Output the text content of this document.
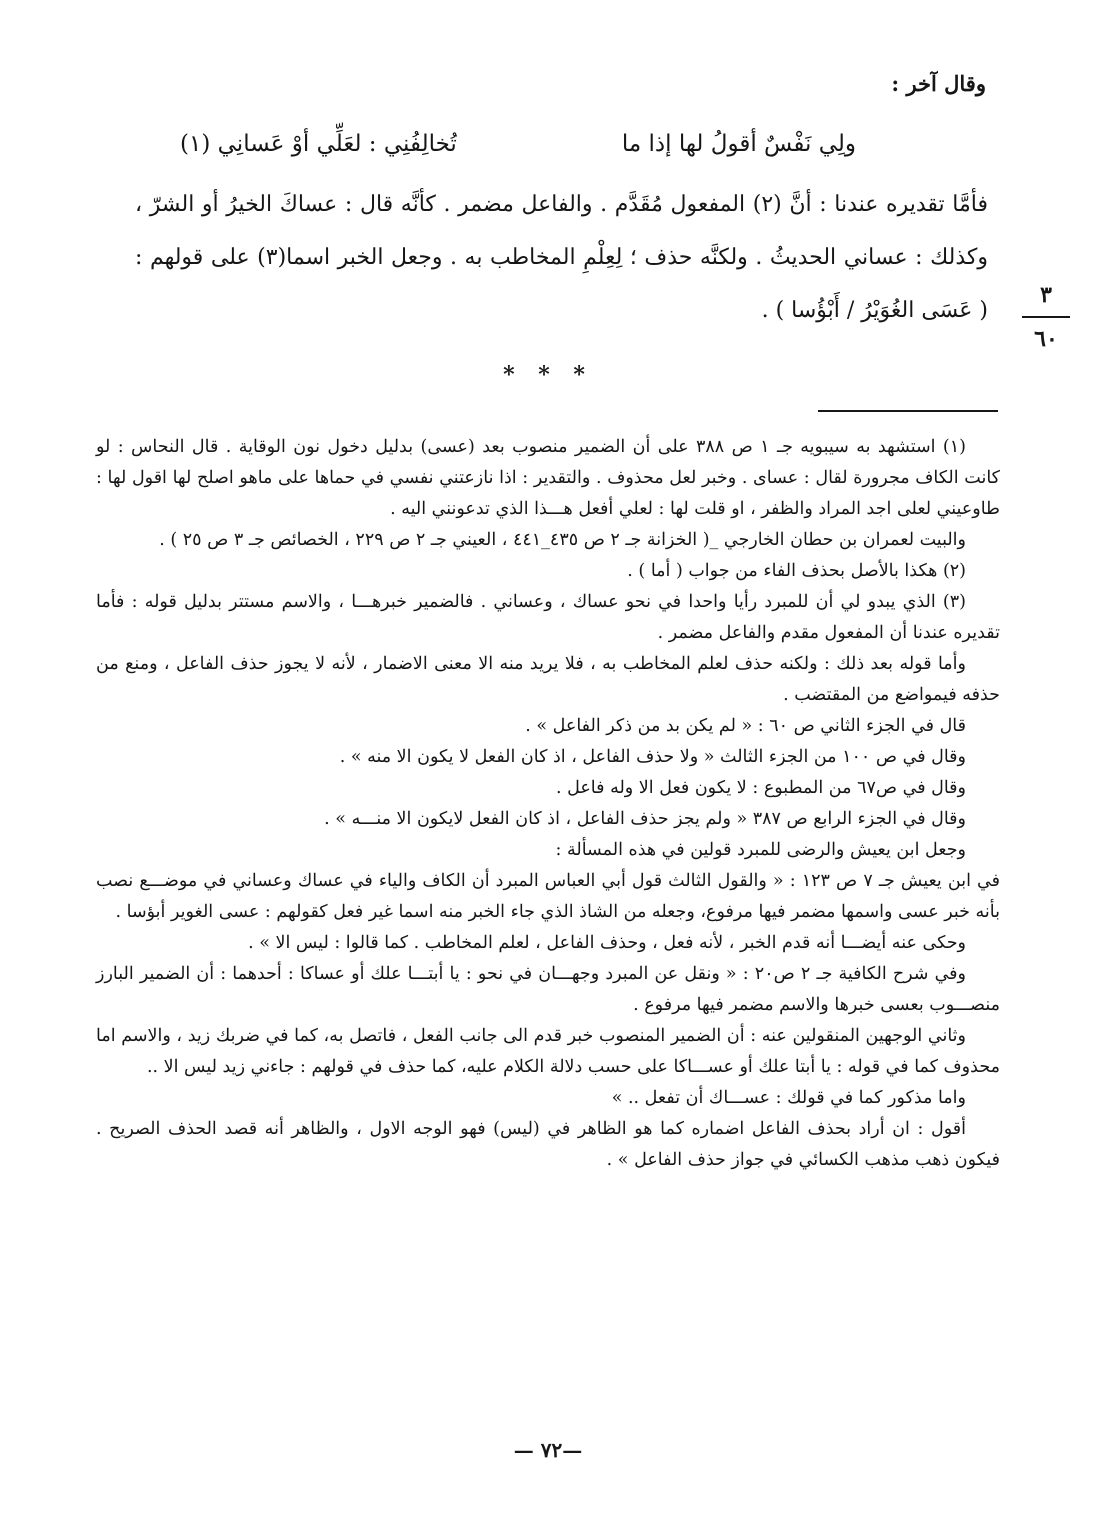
وقال آخر :
ولِي نَفْسٌ أقولُ لها إذا ما
تُخالِفُنِي : لعَلِّي أوْ عَسانِي (١)

فأمَّا تقديره عندنا : أنَّ (٢) المفعول مُقَدَّم . والفاعل مضمر . كأنَّه قال : عساكَ الخيرُ أو الشرّ ، وكذلك : عساني الحديثُ . ولكنَّه حذف ؛ لِعِلْمِ المخاطب به . وجعل الخبر اسما(٣) على قولهم : ( عَسَى الغُوَيْرُ / أَبْؤُسا ) .

٣
٦٠
* * *

(١) استشهد به سيبويه جـ ١ ص ٣٨٨ على أن الضمير منصوب بعد (عسى) بدليل دخول نون الوقاية . قال النحاس : لو كانت الكاف مجرورة لقال : عساى . وخبر لعل محذوف . والتقدير : اذا نازعتني نفسي في حماها على ماهو اصلح لها اقول لها : طاوعيني لعلى اجد المراد والظفر ، او قلت لها : لعلي أفعل هـــذا الذي تدعونني اليه .

والبيت لعمران بن حطان الخارجي _( الخزانة جـ ٢ ص ٤٣٥_٤٤١ ، العيني جـ ٢ ص ٢٢٩ ، الخصائص جـ ٣ ص ٢٥ ) .

(٢) هكذا بالأصل بحذف الفاء من جواب ( أما ) .

(٣) الذي يبدو لي أن للمبرد رأيا واحدا في نحو عساك ، وعساني . فالضمير خبرهـــا ، والاسم مستتر بدليل قوله : فأما تقديره عندنا أن المفعول مقدم والفاعل مضمر .

وأما قوله بعد ذلك : ولكنه حذف لعلم المخاطب به ، فلا يريد منه الا معنى الاضمار ، لأنه لا يجوز حذف الفاعل ، ومنع من حذفه فيمواضع من المقتضب .

قال في الجزء الثاني ص ٦٠ : « لم يكن بد من ذكر الفاعل » .

وقال في ص ١٠٠ من الجزء الثالث « ولا حذف الفاعل ، اذ كان الفعل لا يكون الا منه » .

وقال في ص٦٧ من المطبوع : لا يكون فعل الا وله فاعل .

وقال في الجزء الرابع ص ٣٨٧ « ولم يجز حذف الفاعل ، اذ كان الفعل لايكون الا منـــه » .

وجعل ابن يعيش والرضى للمبرد قولين في هذه المسألة :

في ابن يعيش جـ ٧ ص ١٢٣ : « والقول الثالث قول أبي العباس المبرد أن الكاف والياء في عساك وعساني في موضـــع نصب بأنه خبر عسى واسمها مضمر فيها مرفوع، وجعله من الشاذ الذي جاء الخبر منه اسما غير فعل كقولهم : عسى الغوير أبؤسا .

وحكى عنه أيضـــا أنه قدم الخبر ، لأنه فعل ، وحذف الفاعل ، لعلم المخاطب . كما قالوا : ليس الا » .

وفي شرح الكافية جـ ٢ ص٢٠ : « ونقل عن المبرد وجهـــان في نحو : يا أبتـــا علك أو عساكا : أحدهما : أن الضمير البارز منصـــوب بعسى خبرها والاسم مضمر فيها مرفوع .

وثاني الوجهين المنقولين عنه : أن الضمير المنصوب خبر قدم الى جانب الفعل ، فاتصل به، كما في ضربك زيد ، والاسم اما محذوف كما في قوله : يا أبتا علك أو عســـاكا على حسب دلالة الكلام عليه، كما حذف في قولهم : جاءني زيد ليس الا ..

واما مذكور كما في قولك : عســـاك أن تفعل .. »

أقول : ان أراد بحذف الفاعل اضماره كما هو الظاهر في (ليس) فهو الوجه الاول ، والظاهر أنه قصد الحذف الصريح . فيكون ذهب مذهب الكسائي في جواز حذف الفاعل » .

—٧٢ —
